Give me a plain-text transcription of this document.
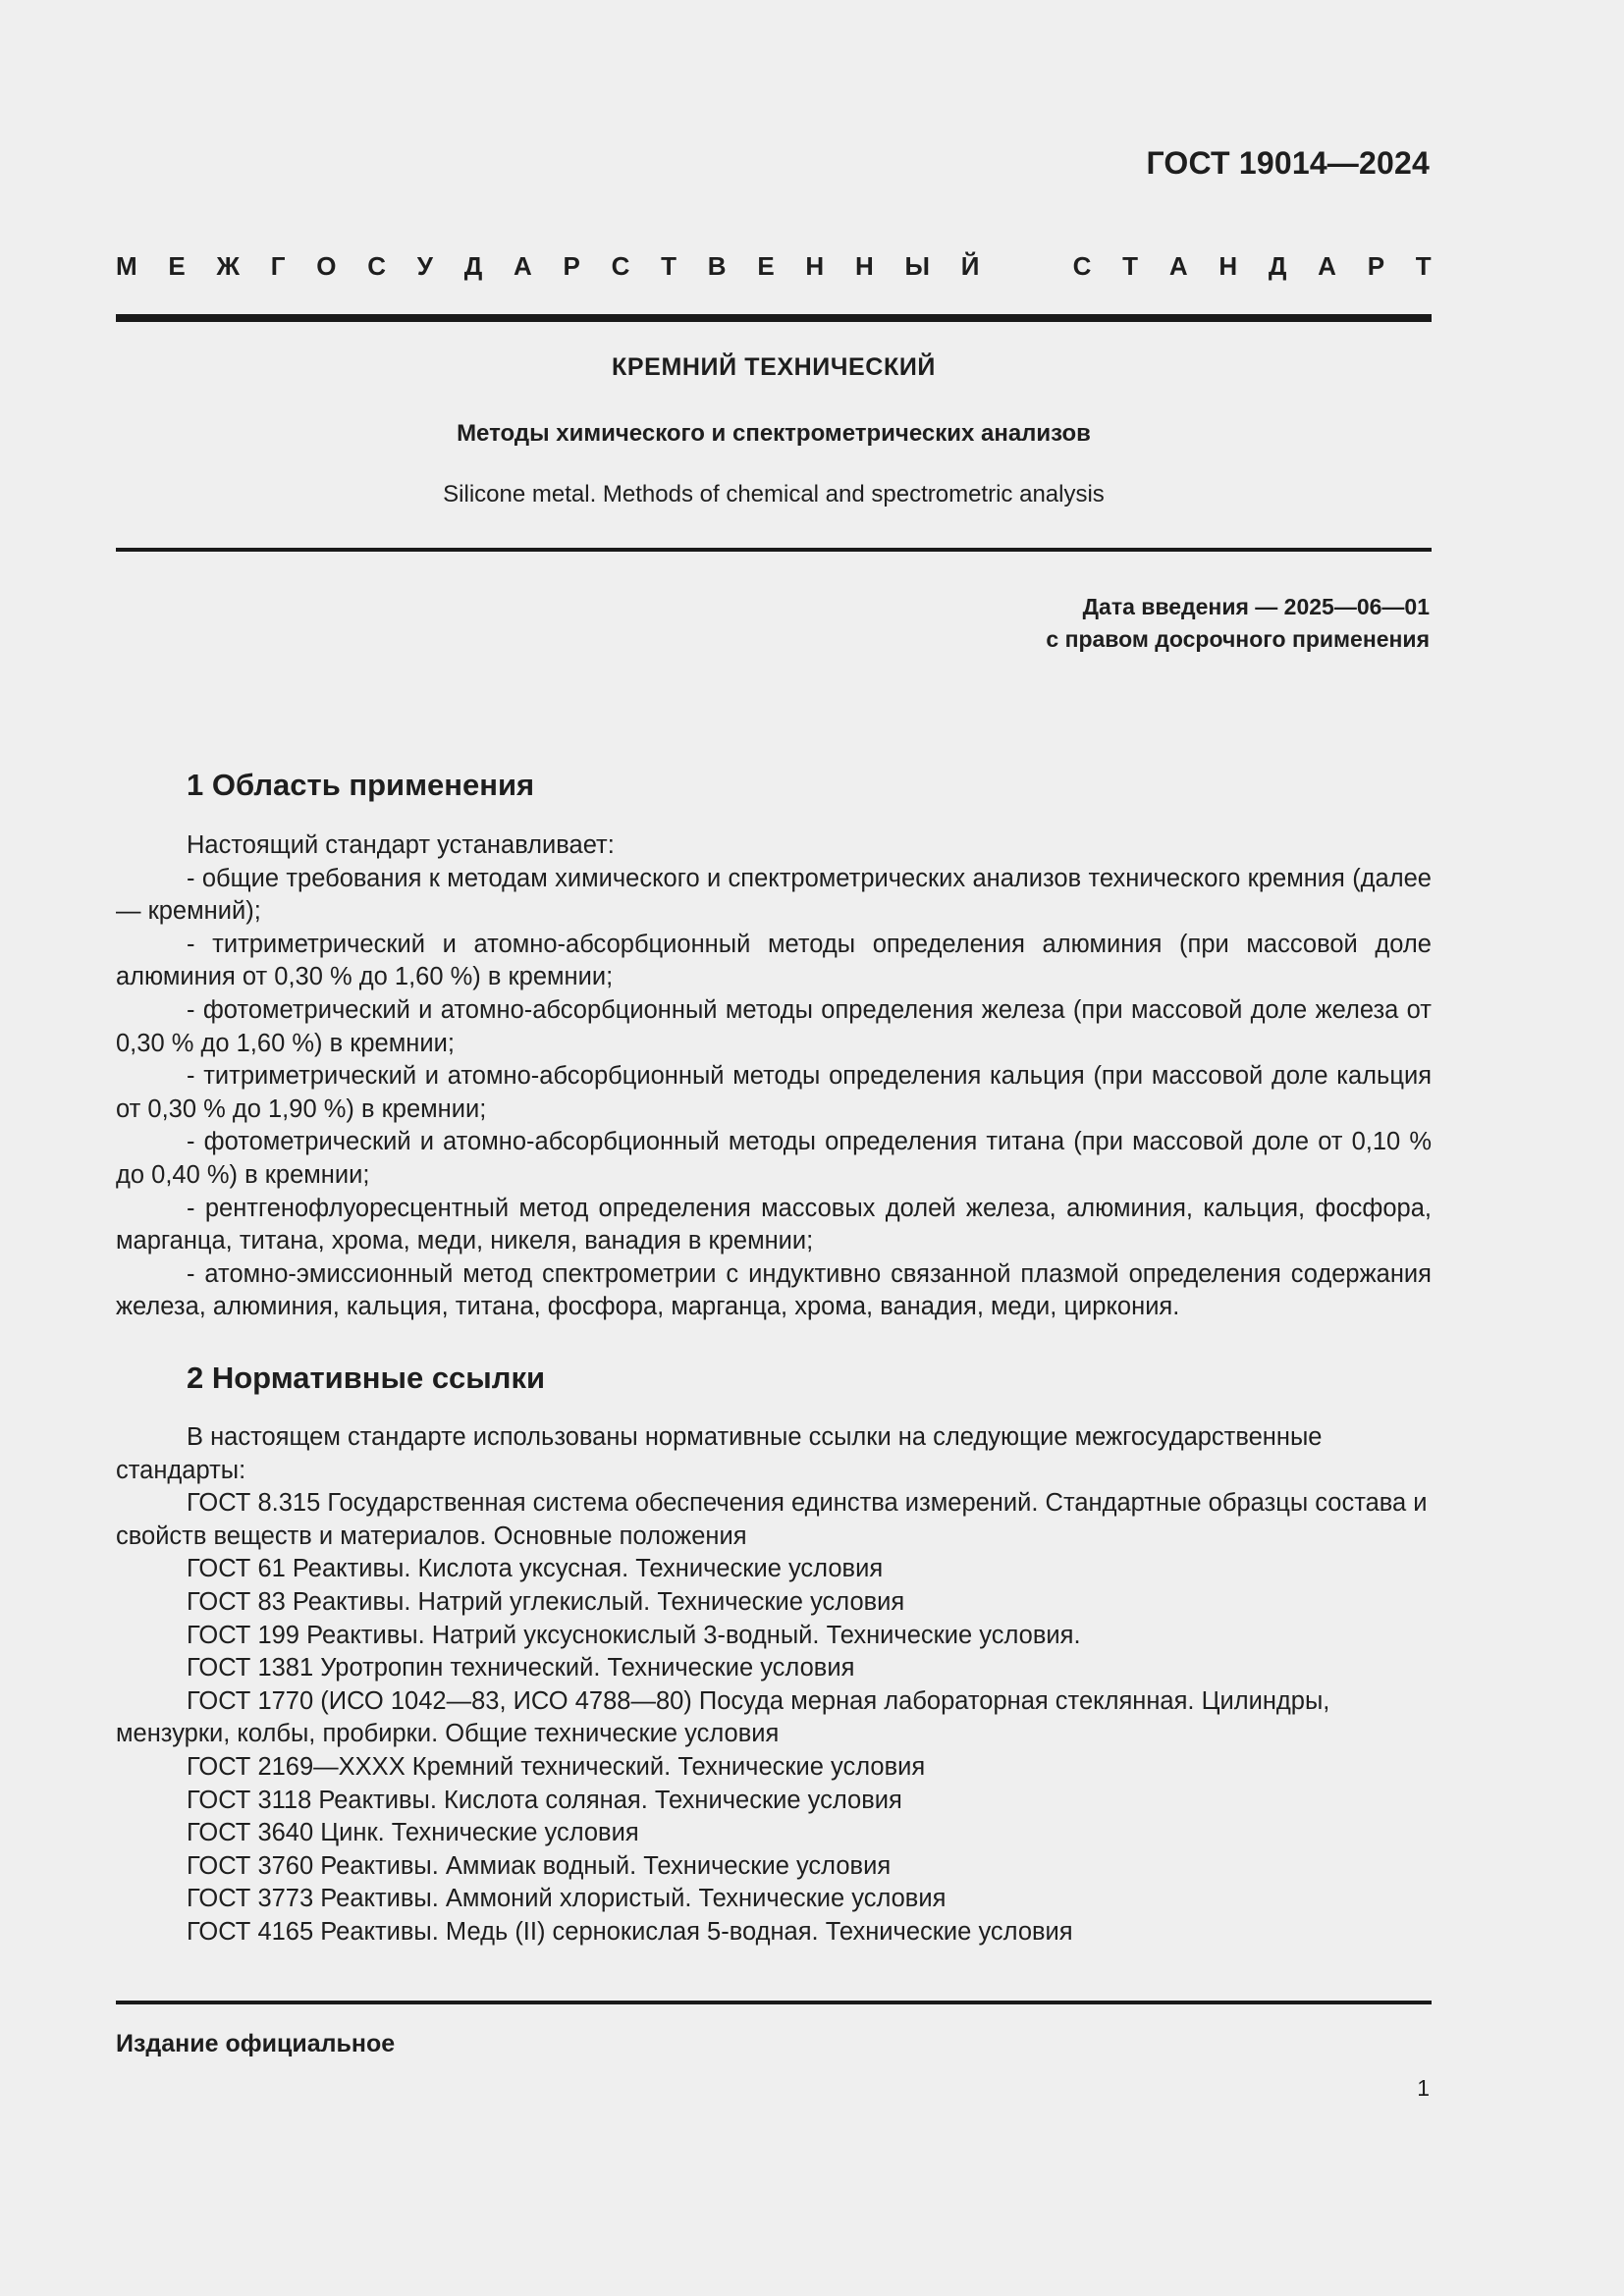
ГОСТ 19014—2024
М Е Ж Г О С У Д А Р С Т В Е Н Н Ы Й	С Т А Н Д А Р Т
КРЕМНИЙ ТЕХНИЧЕСКИЙ
Методы химического и спектрометрических анализов
Silicone metal. Methods of chemical and spectrometric analysis
Дата введения — 2025—06—01
с правом досрочного применения
1 Область применения

Настоящий стандарт устанавливает:

- общие требования к методам химического и спектрометрических анализов технического кремния (далее — кремний);

- титриметрический и атомно-абсорбционный методы определения алюминия (при массовой доле алюминия от 0,30 % до 1,60 %) в кремнии;

- фотометрический и атомно-абсорбционный методы определения железа (при массовой доле железа от 0,30 % до 1,60 %) в кремнии;

- титриметрический и атомно-абсорбционный методы определения кальция (при массовой доле кальция от 0,30 % до 1,90 %) в кремнии;

- фотометрический и атомно-абсорбционный методы определения титана (при массовой доле от 0,10 % до 0,40 %) в кремнии;

- рентгенофлуоресцентный метод определения массовых долей железа, алюминия, кальция, фосфора, марганца, титана, хрома, меди, никеля, ванадия в кремнии;

- атомно-эмиссионный метод спектрометрии с индуктивно связанной плазмой определения содержания железа, алюминия, кальция, титана, фосфора, марганца, хрома, ванадия, меди, циркония.

2 Нормативные ссылки

В настоящем стандарте использованы нормативные ссылки на следующие межгосударственные стандарты:

ГОСТ 8.315 Государственная система обеспечения единства измерений. Стандартные образцы состава и свойств веществ и материалов. Основные положения

ГОСТ 61 Реактивы. Кислота уксусная. Технические условия

ГОСТ 83 Реактивы. Натрий углекислый. Технические условия

ГОСТ 199 Реактивы. Натрий уксуснокислый 3-водный. Технические условия.

ГОСТ 1381 Уротропин технический. Технические условия

ГОСТ 1770 (ИСО 1042—83, ИСО 4788—80) Посуда мерная лабораторная стеклянная. Цилиндры, мензурки, колбы, пробирки. Общие технические условия

ГОСТ 2169—XXXX Кремний технический. Технические условия

ГОСТ 3118 Реактивы. Кислота соляная. Технические условия

ГОСТ 3640 Цинк. Технические условия

ГОСТ 3760 Реактивы. Аммиак водный. Технические условия

ГОСТ 3773 Реактивы. Аммоний хлористый. Технические условия

ГОСТ 4165 Реактивы. Медь (II) сернокислая 5-водная. Технические условия

Издание официальное
1
